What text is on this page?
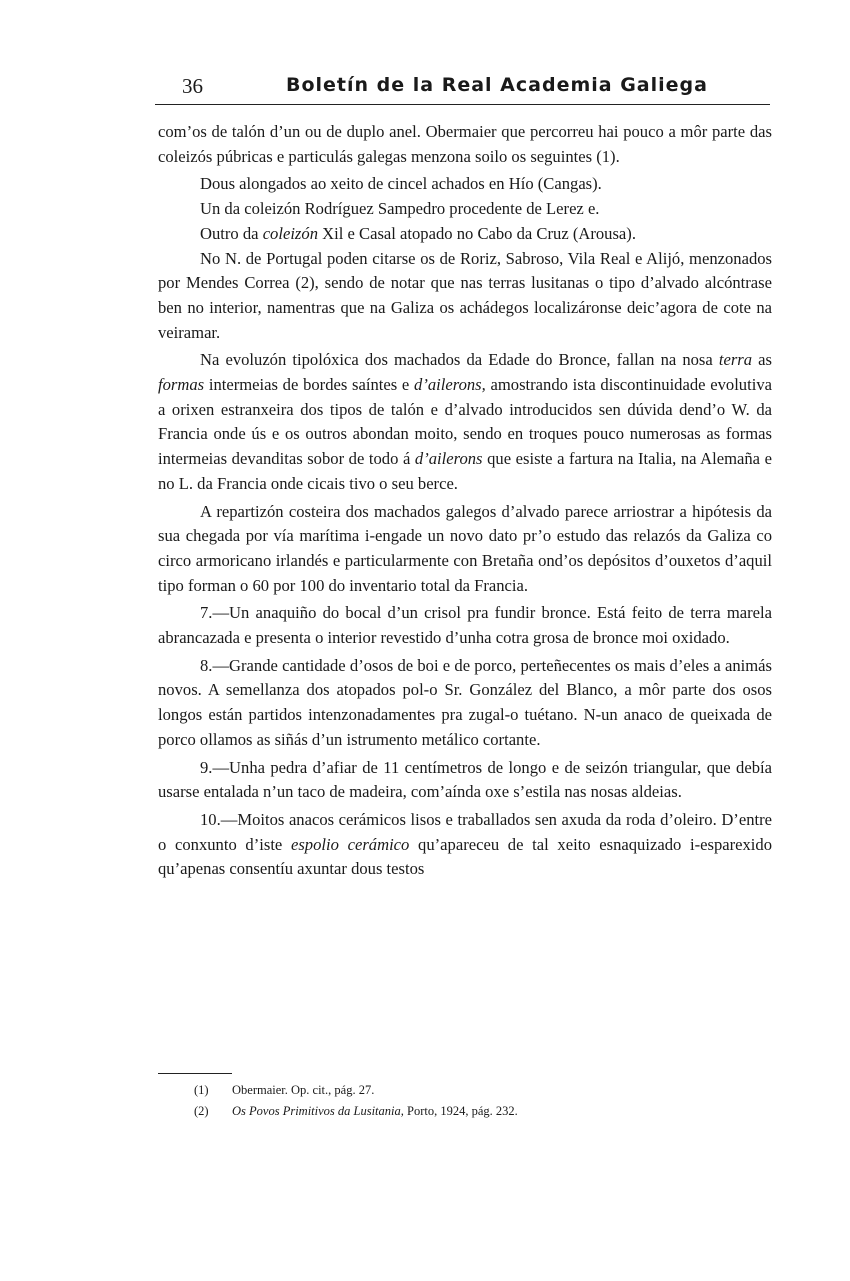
36	Boletín de la Real Academia Galiega

com’os de talón d’un ou de duplo anel. Obermaier que percorreu hai pouco a môr parte das coleizós púbricas e particulás galegas menzona soilo os seguintes (1).

Dous alongados ao xeito de cincel achados en Hío (Cangas).

Un da coleizón Rodríguez Sampedro procedente de Lerez e.

Outro da coleizón Xil e Casal atopado no Cabo da Cruz (Arousa).

No N. de Portugal poden citarse os de Roriz, Sabroso, Vila Real e Alijó, menzonados por Mendes Correa (2), sendo de notar que nas terras lusitanas o tipo d’alvado alcóntrase ben no interior, namentras que na Galiza os achádegos localizáronse deic’agora de cote na veiramar.

Na evoluzón tipolóxica dos machados da Edade do Bronce, fallan na nosa terra as formas intermeias de bordes saíntes e d’ailerons, amostrando ista discontinuidade evolutiva a orixen estranxeira dos tipos de talón e d’alvado introducidos sen dúvida dend’o W. da Francia onde ús e os outros abondan moito, sendo en troques pouco numerosas as formas intermeias devanditas sobor de todo á d’ailerons que esiste a fartura na Italia, na Alemaña e no L. da Francia onde cicais tivo o seu berce.

A repartizón costeira dos machados galegos d’alvado parece arriostrar a hipótesis da sua chegada por vía marítima i-engade un novo dato pr’o estudo das relazós da Galiza co circo armoricano irlandés e particularmente con Bretaña ond’os depósitos d’ouxetos d’aquil tipo forman o 60 por 100 do inventario total da Francia.

7.—Un anaquiño do bocal d’un crisol pra fundir bronce. Está feito de terra marela abrancazada e presenta o interior revestido d’unha cotra grosa de bronce moi oxidado.

8.—Grande cantidade d’osos de boi e de porco, perteñecentes os mais d’eles a animás novos. A semellanza dos atopados pol-o Sr. González del Blanco, a môr parte dos osos longos están partidos intenzonadamentes pra zugal-o tuétano. N-un anaco de queixada de porco ollamos as siñás d’un istrumento metálico cortante.

9.—Unha pedra d’afiar de 11 centímetros de longo e de seizón triangular, que debía usarse entalada n’un taco de madeira, com’aínda oxe s’estila nas nosas aldeias.

10.—Moitos anacos cerámicos lisos e traballados sen axuda da roda d’oleiro. D’entre o conxunto d’iste espolio cerámico qu’apareceu de tal xeito esnaquizado i-esparexido qu’apenas consentíu axuntar dous testos

(1) Obermaier. Op. cit., pág. 27.

(2) Os Povos Primitivos da Lusitania, Porto, 1924, pág. 232.
